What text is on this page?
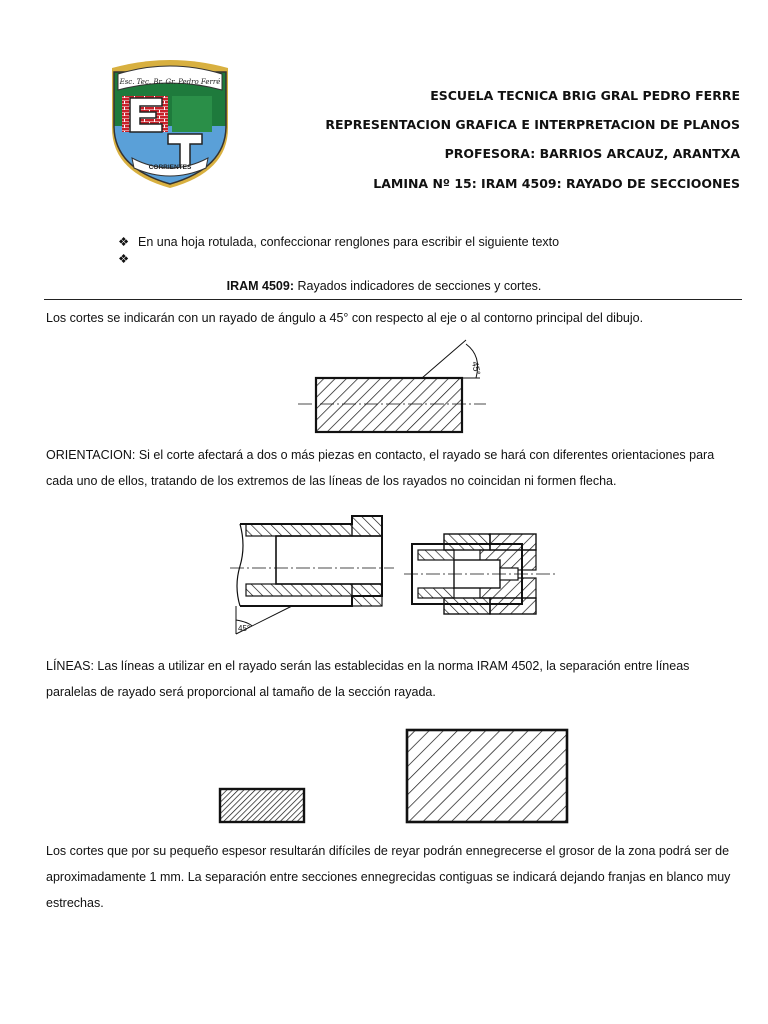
Esc. Tec. Br. Gr. Pedro Ferré
CORRIENTES
ESCUELA TECNICA BRIG GRAL PEDRO FERRE
REPRESENTACION GRAFICA E INTERPRETACION DE PLANOS
PROFESORA: BARRIOS ARCAUZ, ARANTXA
LAMINA Nº 15: IRAM 4509: RAYADO DE SECCIOONES
❖ En una hoja rotulada, confeccionar renglones para escribir el siguiente texto
❖
IRAM 4509: Rayados indicadores de secciones y cortes.
Los cortes se indicarán con un rayado de ángulo a 45° con respecto al eje o al contorno principal del dibujo.
45°
ORIENTACION: Si el corte afectará a dos o más piezas en contacto, el rayado se hará con diferentes orientaciones para cada uno de ellos, tratando de los extremos de las líneas de los rayados no coincidan ni formen flecha.
45°
LÍNEAS: Las líneas a utilizar en el rayado serán las establecidas en la norma IRAM 4502, la separación entre líneas paralelas de rayado será proporcional al tamaño de la sección rayada.
Los cortes que por su pequeño espesor resultarán difíciles de reyar podrán ennegrecerse el grosor de la zona podrá ser de aproximadamente 1 mm. La separación entre secciones ennegrecidas contiguas se indicará dejando franjas en blanco muy estrechas.
